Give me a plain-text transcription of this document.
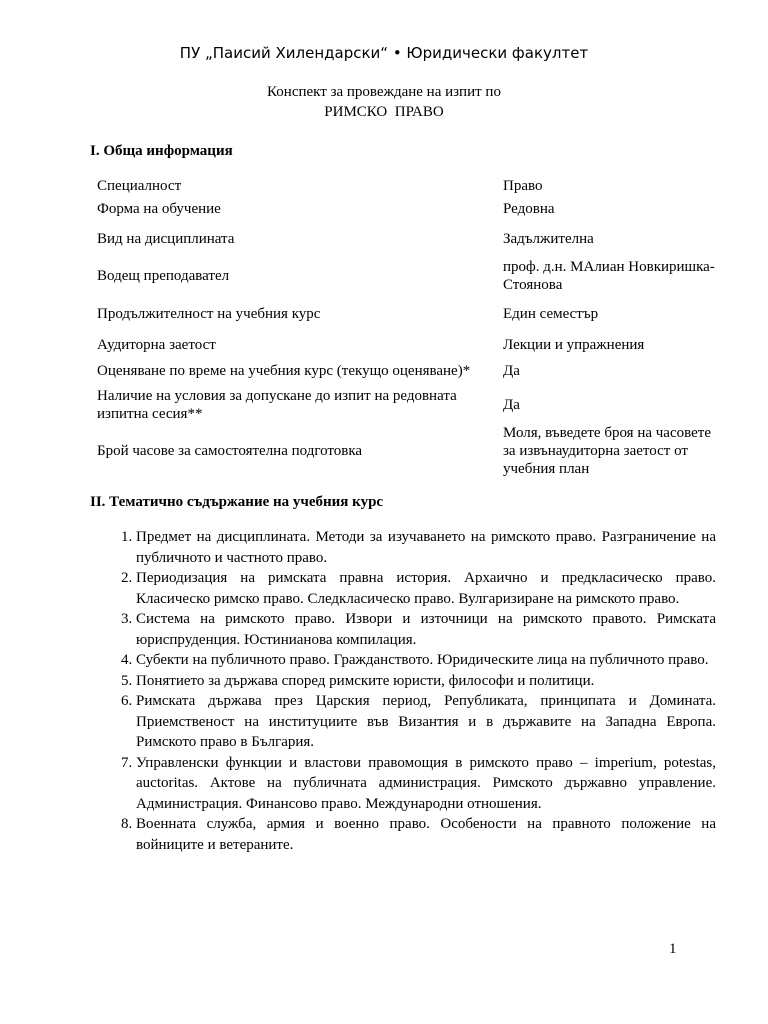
ПУ „Паисий Хилендарски“ • Юридически факултет
Конспект за провеждане на изпит по
РИМСКО  ПРАВО
I. Обща информация
Специалност	Право
Форма на обучение	Редовна
Вид на дисциплината	Задължителна
Водещ преподавател	проф. д.н. МАлиан Новкиришка-Стоянова
Продължителност на учебния курс	Един семестър
Аудиторна заетост	Лекции и упражнения
Оценяване по време на учебния курс (текущо оценяване)*	Да
Наличие на условия за допускане до изпит на редовната изпитна сесия**	Да
Брой часове за самостоятелна подготовка	Моля, въведете броя на часовете за извънаудиторна заетост от учебния план
II. Тематично съдържание на учебния курс
1. Предмет на дисциплината. Методи за изучаването на римското право. Разграничение на публичното и частното право.
2. Периодизация на римската правна история. Архаично и предкласическо право. Класическо римско право. Следкласическо право. Вулгаризиране на римското право.
3. Система на римското право. Извори и източници на римското правото. Римската юриспруденция. Юстинианова компилация.
4. Субекти на публичното право. Гражданството. Юридическите лица на публичното право.
5. Понятието за държава според римските юристи, философи и политици.
6. Римската държава през Царския период, Републиката, принципата и Домината. Приемственост на институциите във Византия и в държавите на Западна Европа. Римското право в България.
7. Управленски функции и властови правомощия в римското право – imperium, potestas, auctoritas. Актове на публичната администрация. Римското държавно управление. Администрация. Финансово право. Международни отношения.
8. Военната служба, армия и военно право. Особености на правното положение на войниците и ветераните.
1
